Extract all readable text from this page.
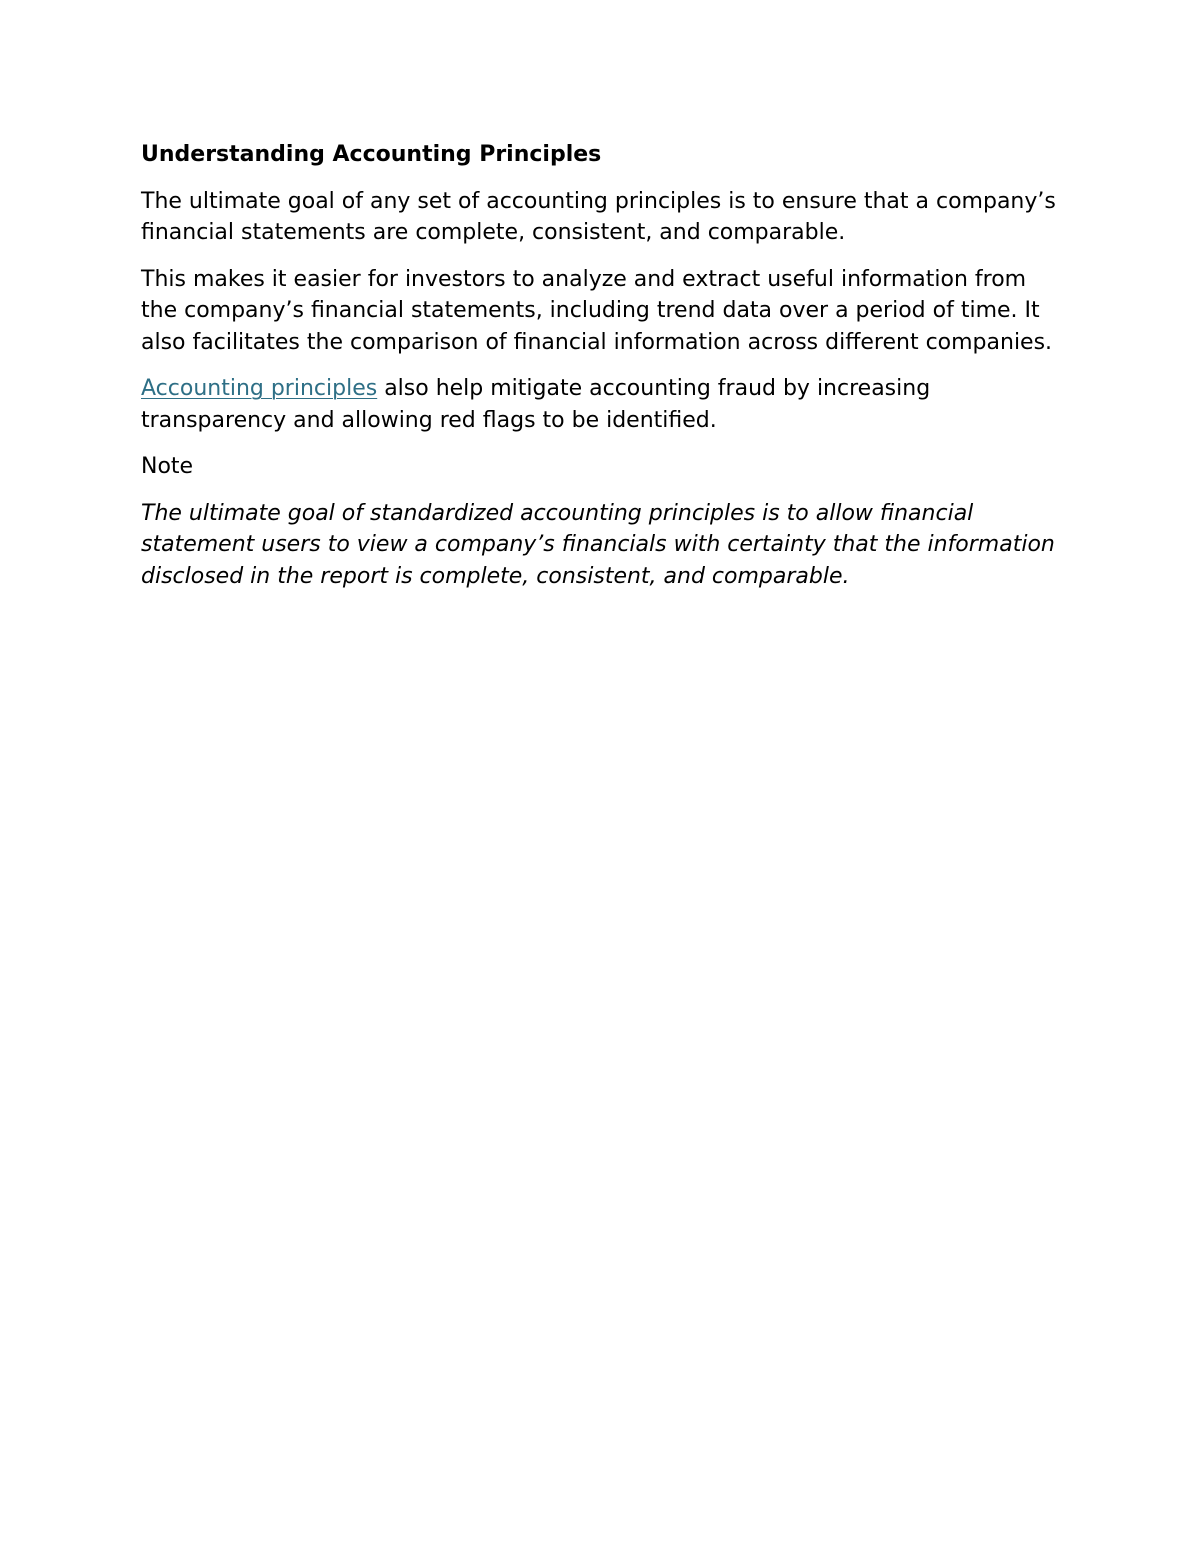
Understanding Accounting Principles

The ultimate goal of any set of accounting principles is to ensure that a company’s financial statements are complete, consistent, and comparable.

This makes it easier for investors to analyze and extract useful information from the company’s financial statements, including trend data over a period of time. It also facilitates the comparison of financial information across different companies.

Accounting principles also help mitigate accounting fraud by increasing transparency and allowing red flags to be identified.

Note

The ultimate goal of standardized accounting principles is to allow financial statement users to view a company’s financials with certainty that the information disclosed in the report is complete, consistent, and comparable.
